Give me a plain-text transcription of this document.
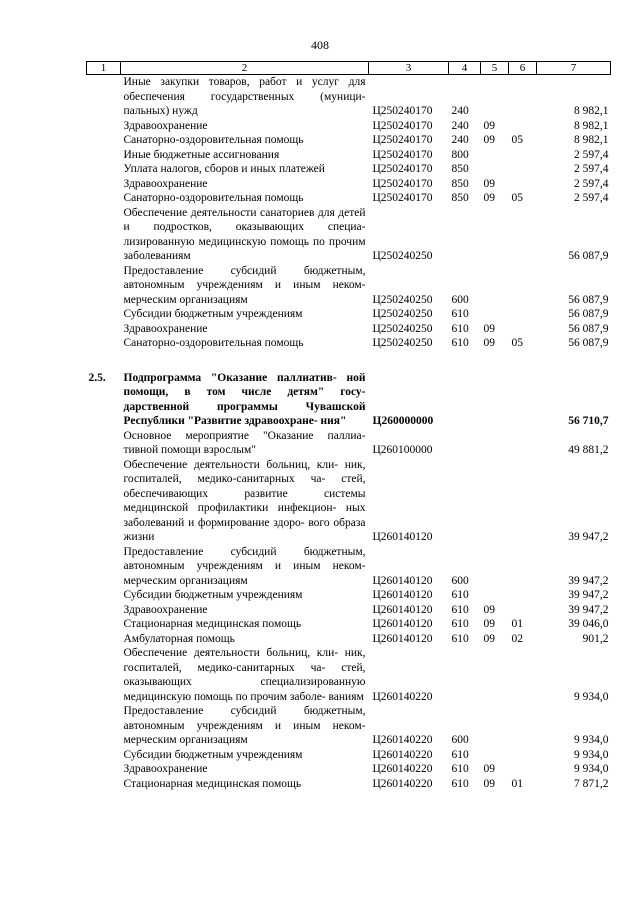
408
1	2	3	4	5	6	7
	Иные закупки товаров, работ и услуг для обеспечения государственных (муници- пальных) нужд	Ц250240170	240			8 982,1
	Здравоохранение	Ц250240170	240	09		8 982,1
	Санаторно-оздоровительная помощь	Ц250240170	240	09	05	8 982,1
	Иные бюджетные ассигнования	Ц250240170	800			2 597,4
	Уплата налогов, сборов и иных платежей	Ц250240170	850			2 597,4
	Здравоохранение	Ц250240170	850	09		2 597,4
	Санаторно-оздоровительная помощь	Ц250240170	850	09	05	2 597,4
	Обеспечение деятельности санаториев для детей и подростков, оказывающих специа- лизированную медицинскую помощь по прочим заболеваниям	Ц250240250				56 087,9
	Предоставление субсидий бюджетным, автономным учреждениям и иным неком- мерческим организациям	Ц250240250	600			56 087,9
	Субсидии бюджетным учреждениям	Ц250240250	610			56 087,9
	Здравоохранение	Ц250240250	610	09		56 087,9
	Санаторно-оздоровительная помощь	Ц250240250	610	09	05	56 087,9

2.5.	Подпрограмма "Оказание паллиатив- ной помощи, в том числе детям" госу- дарственной программы Чувашской Республики "Развитие здравоохране- ния"	Ц260000000				56 710,7
	Основное мероприятие "Оказание паллиа- тивной помощи взрослым"	Ц260100000				49 881,2
	Обеспечение деятельности больниц, кли- ник, госпиталей, медико-санитарных ча- стей, обеспечивающих развитие системы медицинской профилактики инфекцион- ных заболеваний и формирование здоро- вого образа жизни	Ц260140120				39 947,2
	Предоставление субсидий бюджетным, автономным учреждениям и иным неком- мерческим организациям	Ц260140120	600			39 947,2
	Субсидии бюджетным учреждениям	Ц260140120	610			39 947,2
	Здравоохранение	Ц260140120	610	09		39 947,2
	Стационарная медицинская помощь	Ц260140120	610	09	01	39 046,0
	Амбулаторная помощь	Ц260140120	610	09	02	901,2
	Обеспечение деятельности больниц, кли- ник, госпиталей, медико-санитарных ча- стей, оказывающих специализированную медицинскую помощь по прочим заболе- ваниям	Ц260140220				9 934,0
	Предоставление субсидий бюджетным, автономным учреждениям и иным неком- мерческим организациям	Ц260140220	600			9 934,0
	Субсидии бюджетным учреждениям	Ц260140220	610			9 934,0
	Здравоохранение	Ц260140220	610	09		9 934,0
	Стационарная медицинская помощь	Ц260140220	610	09	01	7 871,2
